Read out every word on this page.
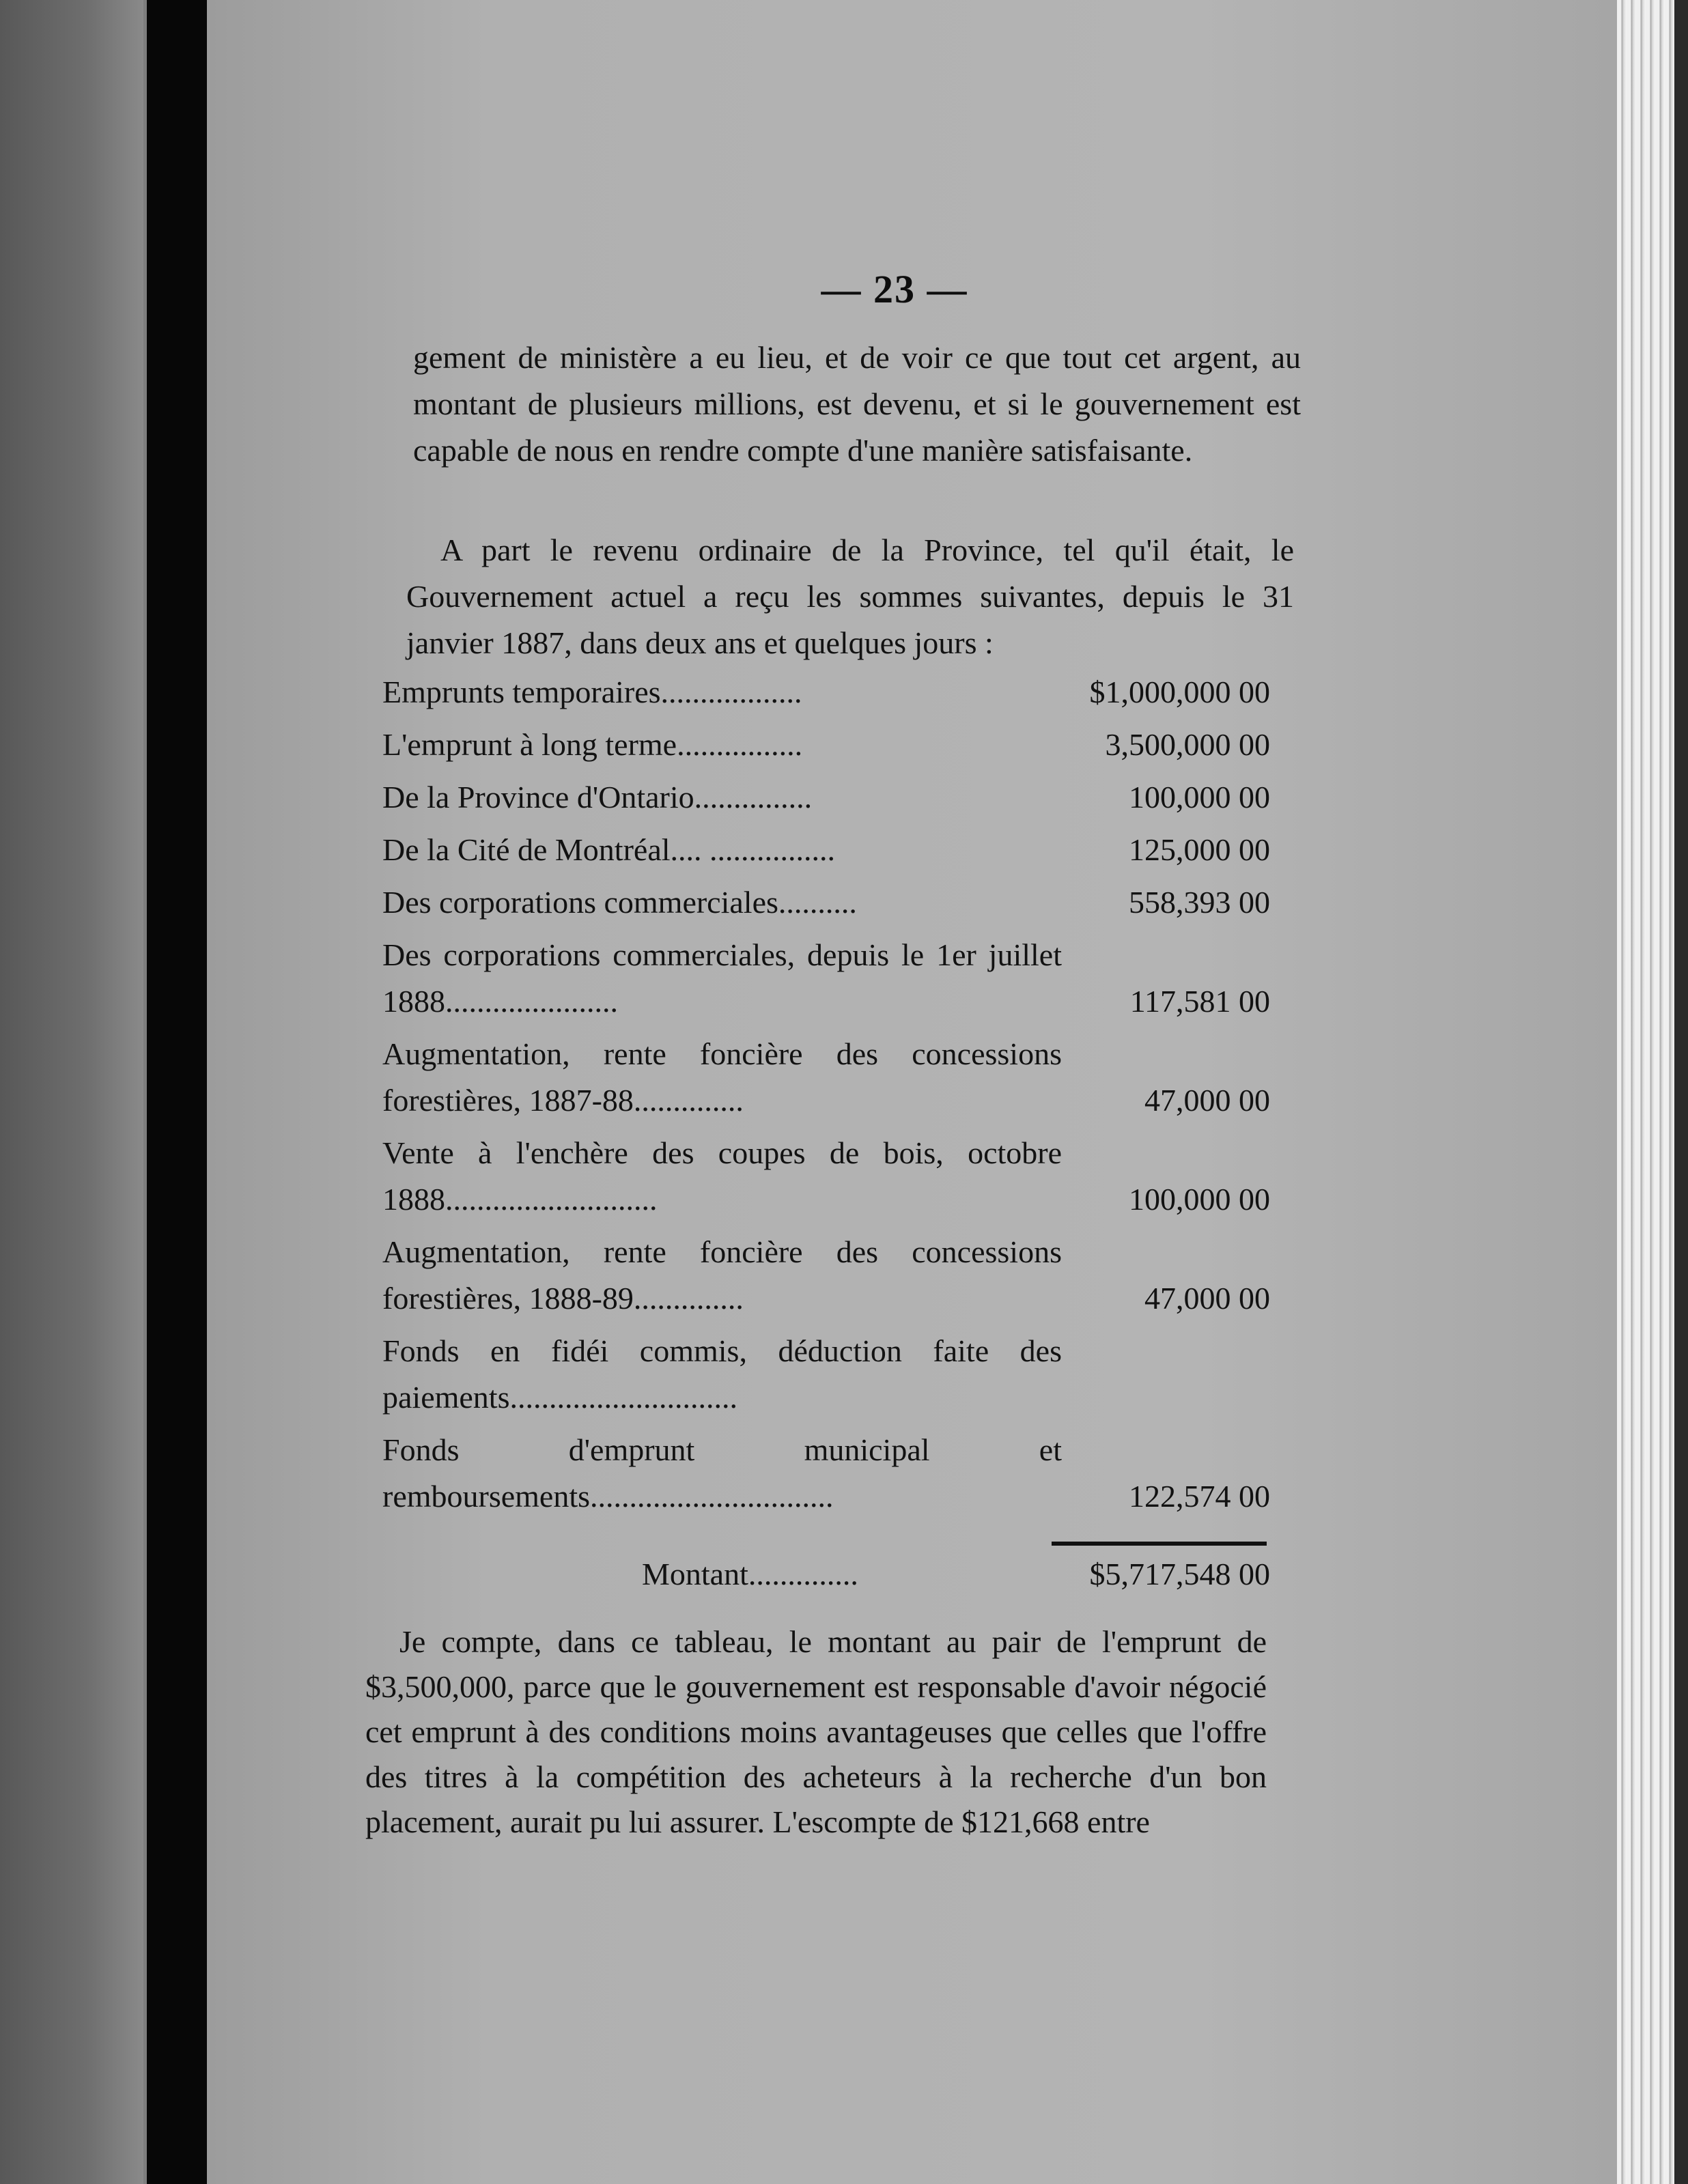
— 23 —
gement de ministère a eu lieu, et de voir ce que tout cet argent, au montant de plusieurs millions, est devenu, et si le gouvernement est capable de nous en rendre compte d'une manière satisfaisante.
A part le revenu ordinaire de la Province, tel qu'il était, le Gouvernement actuel a reçu les sommes suivantes, depuis le 31 janvier 1887, dans deux ans et quelques jours :
Emprunts temporaires..................	$1,000,000 00
L'emprunt à long terme................	3,500,000 00
De la Province d'Ontario...............	100,000 00
De la Cité de Montréal.... ................	125,000 00
Des corporations commerciales..........	558,393 00
Des corporations commerciales, depuis le 1er juillet 1888......................	117,581 00
Augmentation, rente foncière des concessions forestières, 1887-88..............	47,000 00
Vente à l'enchère des coupes de bois, octobre 1888...........................	100,000 00
Augmentation, rente foncière des concessions forestières, 1888-89..............	47,000 00
Fonds en fidéi commis, déduction faite des paiements.............................
Fonds d'emprunt municipal et remboursements...............................	122,574 00
Montant..............	$5,717,548 00
Je compte, dans ce tableau, le montant au pair de l'emprunt de $3,500,000, parce que le gouvernement est responsable d'avoir négocié cet emprunt à des conditions moins avantageuses que celles que l'offre des titres à la compétition des acheteurs à la recherche d'un bon placement, aurait pu lui assurer. L'escompte de $121,668 entre
